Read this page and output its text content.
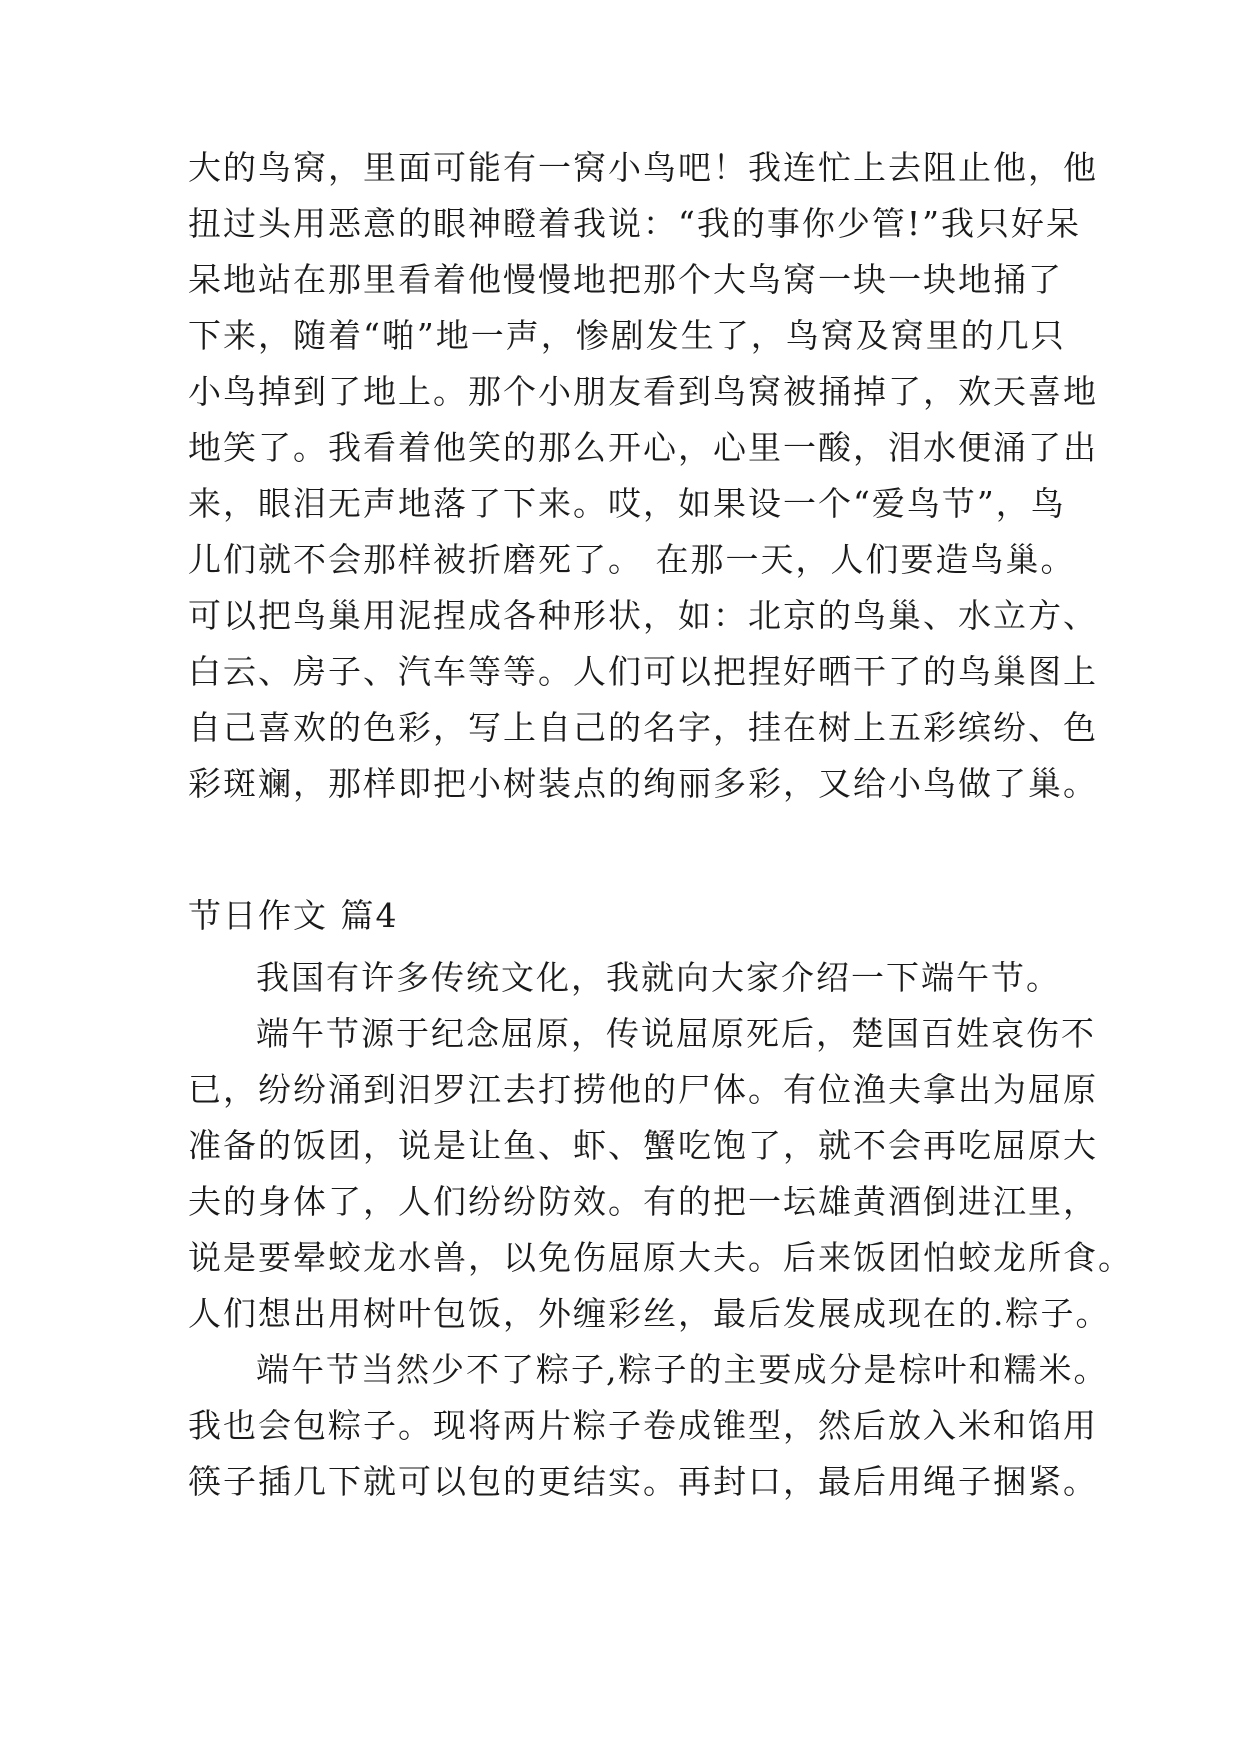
大的鸟窝，里面可能有一窝小鸟吧！我连忙上去阻止他，他
扭过头用恶意的眼神瞪着我说：“我的事你少管!”我只好呆
呆地站在那里看着他慢慢地把那个大鸟窝一块一块地捅了
下来，随着“啪”地一声，惨剧发生了，鸟窝及窝里的几只
小鸟掉到了地上。那个小朋友看到鸟窝被捅掉了，欢天喜地
地笑了。我看着他笑的那么开心，心里一酸，泪水便涌了出
来，眼泪无声地落了下来。哎，如果设一个“爱鸟节”，鸟
儿们就不会那样被折磨死了。 在那一天，人们要造鸟巢。
可以把鸟巢用泥捏成各种形状，如：北京的鸟巢、水立方、
白云、房子、汽车等等。人们可以把捏好晒干了的鸟巢图上
自己喜欢的色彩，写上自己的名字，挂在树上五彩缤纷、色
彩斑斓，那样即把小树装点的绚丽多彩，又给小鸟做了巢。
节日作文 篇4
我国有许多传统文化，我就向大家介绍一下端午节。
端午节源于纪念屈原，传说屈原死后，楚国百姓哀伤不
已，纷纷涌到汨罗江去打捞他的尸体。有位渔夫拿出为屈原
准备的饭团，说是让鱼、虾、蟹吃饱了，就不会再吃屈原大
夫的身体了，人们纷纷防效。有的把一坛雄黄酒倒进江里，
说是要晕蛟龙水兽，以免伤屈原大夫。后来饭团怕蛟龙所食。
人们想出用树叶包饭，外缠彩丝，最后发展成现在的.粽子。
端午节当然少不了粽子,粽子的主要成分是棕叶和糯米。
我也会包粽子。现将两片粽子卷成锥型，然后放入米和馅用
筷子插几下就可以包的更结实。再封口，最后用绳子捆紧。
